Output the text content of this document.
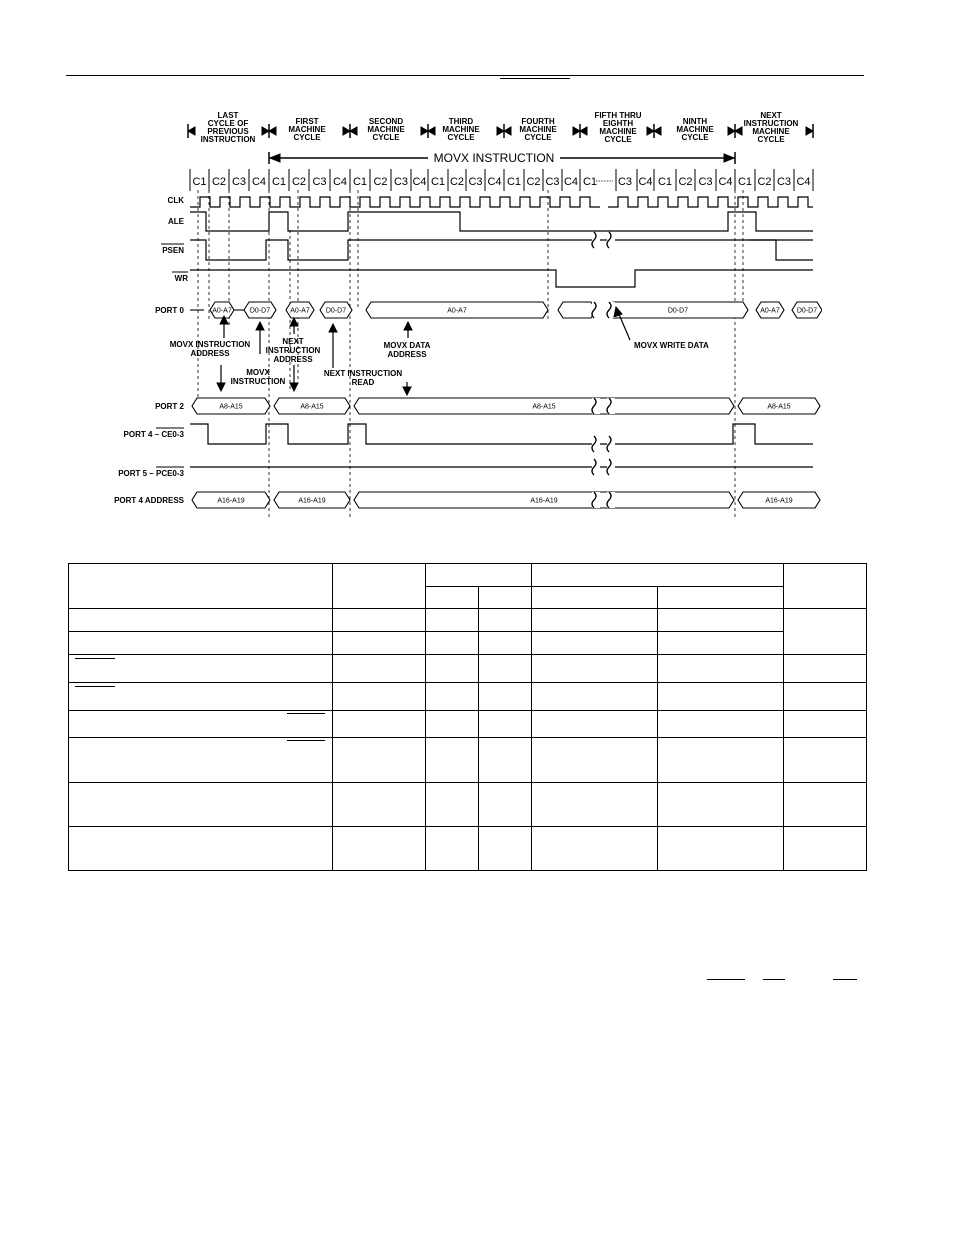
LAST CYCLE OF PREVIOUS INSTRUCTION
FIRST MACHINE CYCLE
SECOND MACHINE CYCLE
THIRD MACHINE CYCLE
FOURTH MACHINE CYCLE
FIFTH THRU EIGHTH MACHINE CYCLE
NINTH MACHINE CYCLE
NEXT INSTRUCTION MACHINE CYCLE
MOVX INSTRUCTION
C1 C2 C3 C4 C1 C2 C3 C4 C1 C2 C3 C4 C1 C2 C3 C4 C1 C2 C3 C4 C1 C3 C4 C1 C2 C3 C4 C1 C2 C3 C4
CLK
ALE
PSEN
WR
PORT 0
PORT 2
PORT 4 – CE0-3
PORT 5 – PCE0-3
PORT 4 ADDRESS
A0-A7	D0-D7	A0-A7 D0-D7	A0-A7	D0-D7	A0-A7 D0-D7
A8-A15	A8-A15	A8-A15	A8-A15
A16-A19	A16-A19	A16-A19	A16-A19
MOVX INSTRUCTION ADDRESS
NEXT INSTRUCTION ADDRESS
MOVX INSTRUCTION
NEXT INSTRUCTION READ
MOVX DATA ADDRESS
MOVX WRITE DATA
